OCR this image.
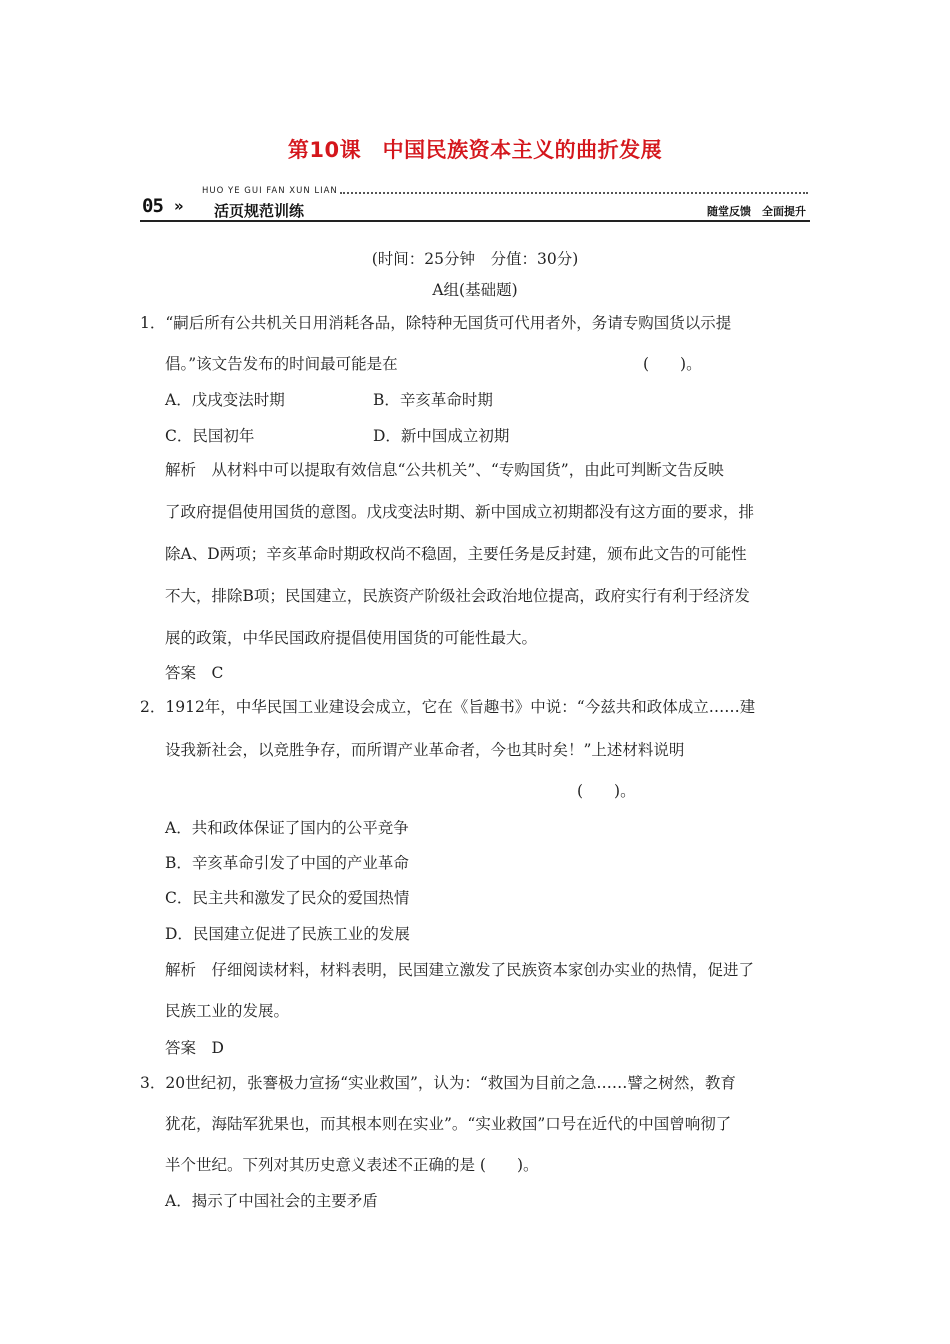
第10课　中国民族资本主义的曲折发展
05 »
HUO YE GUI FAN XUN LIAN
活页规范训练	随堂反馈　全面提升
(时间：25分钟　分值：30分)
A组(基础题)
1．“嗣后所有公共机关日用消耗各品，除特种无国货可代用者外，务请专购国货以示提
倡。”该文告发布的时间最可能是在	(　　)。
A．戊戌变法时期	B．辛亥革命时期
C．民国初年	D．新中国成立初期
解析　从材料中可以提取有效信息“公共机关”、“专购国货”，由此可判断文告反映
了政府提倡使用国货的意图。戊戌变法时期、新中国成立初期都没有这方面的要求，排
除A、D两项；辛亥革命时期政权尚不稳固，主要任务是反封建，颁布此文告的可能性
不大，排除B项；民国建立，民族资产阶级社会政治地位提高，政府实行有利于经济发
展的政策，中华民国政府提倡使用国货的可能性最大。
答案　C
2．1912年，中华民国工业建设会成立，它在《旨趣书》中说：“今兹共和政体成立……建
设我新社会，以竞胜争存，而所谓产业革命者，今也其时矣！”上述材料说明
(　　)。
A．共和政体保证了国内的公平竞争
B．辛亥革命引发了中国的产业革命
C．民主共和激发了民众的爱国热情
D．民国建立促进了民族工业的发展
解析　仔细阅读材料，材料表明，民国建立激发了民族资本家创办实业的热情，促进了
民族工业的发展。
答案　D
3．20世纪初，张謇极力宣扬“实业救国”，认为：“救国为目前之急……譬之树然，教育
犹花，海陆军犹果也，而其根本则在实业”。“实业救国”口号在近代的中国曾响彻了
半个世纪。下列对其历史意义表述不正确的是 (　　)。
A．揭示了中国社会的主要矛盾
